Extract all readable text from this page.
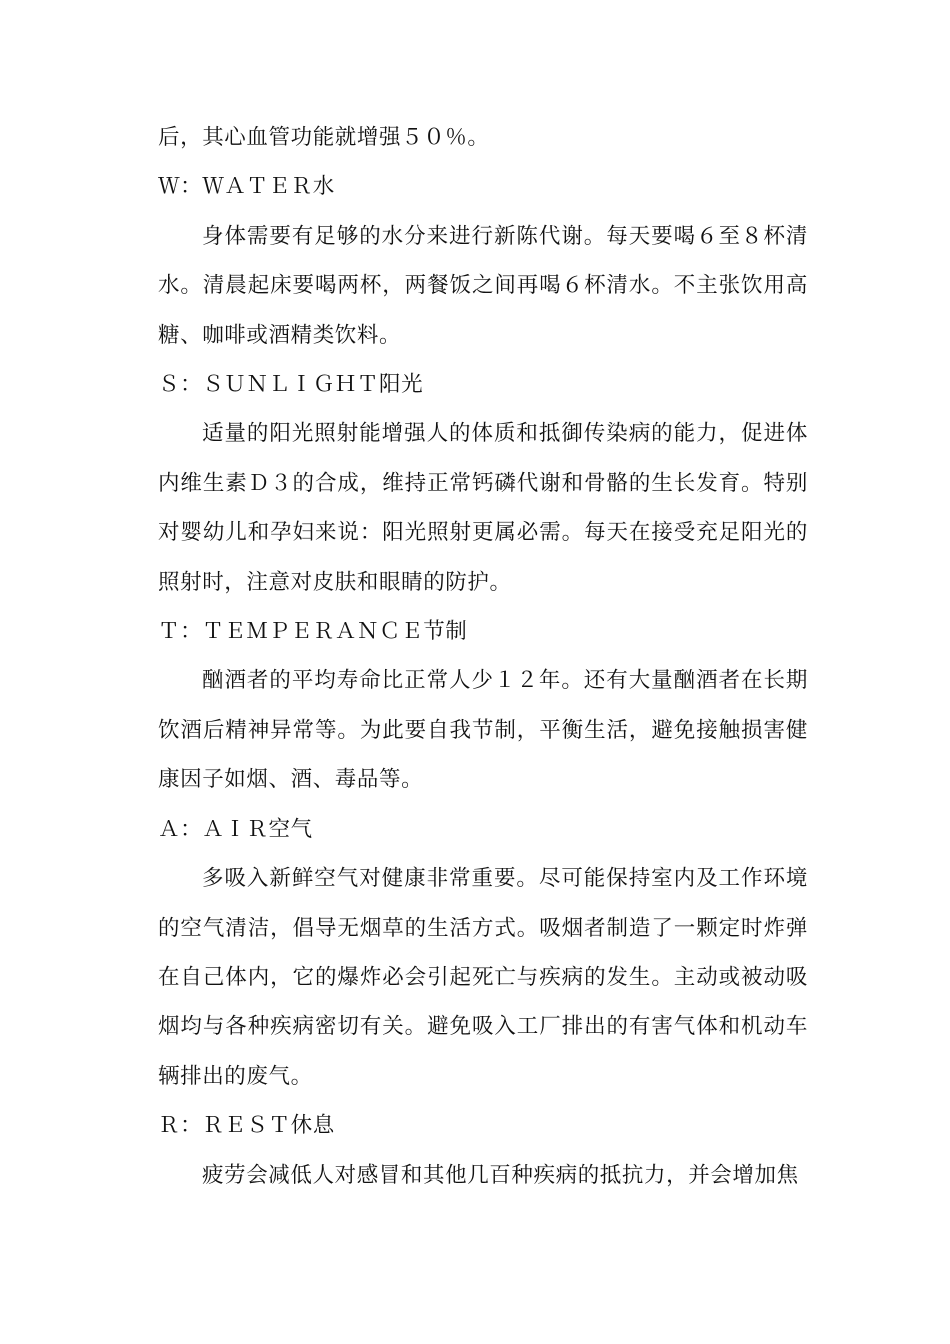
后，其心血管功能就增强５０％。

Ｗ：ＷＡＴＥＲ水

身体需要有足够的水分来进行新陈代谢。每天要喝６至８杯清水。清晨起床要喝两杯，两餐饭之间再喝６杯清水。不主张饮用高糖、咖啡或酒精类饮料。

Ｓ：ＳＵＮＬＩＧＨＴ阳光

适量的阳光照射能增强人的体质和抵御传染病的能力，促进体内维生素Ｄ３的合成，维持正常钙磷代谢和骨骼的生长发育。特别对婴幼儿和孕妇来说：阳光照射更属必需。每天在接受充足阳光的照射时，注意对皮肤和眼睛的防护。

Ｔ：ＴＥＭＰＥＲＡＮＣＥ节制

酗酒者的平均寿命比正常人少１２年。还有大量酗酒者在长期饮酒后精神异常等。为此要自我节制，平衡生活，避免接触损害健康因子如烟、酒、毒品等。

Ａ：ＡＩＲ空气

多吸入新鲜空气对健康非常重要。尽可能保持室内及工作环境的空气清洁，倡导无烟草的生活方式。吸烟者制造了一颗定时炸弹在自己体内，它的爆炸必会引起死亡与疾病的发生。主动或被动吸烟均与各种疾病密切有关。避免吸入工厂排出的有害气体和机动车辆排出的废气。

Ｒ：ＲＥＳＴ休息

疲劳会减低人对感冒和其他几百种疾病的抵抗力，并会增加焦
